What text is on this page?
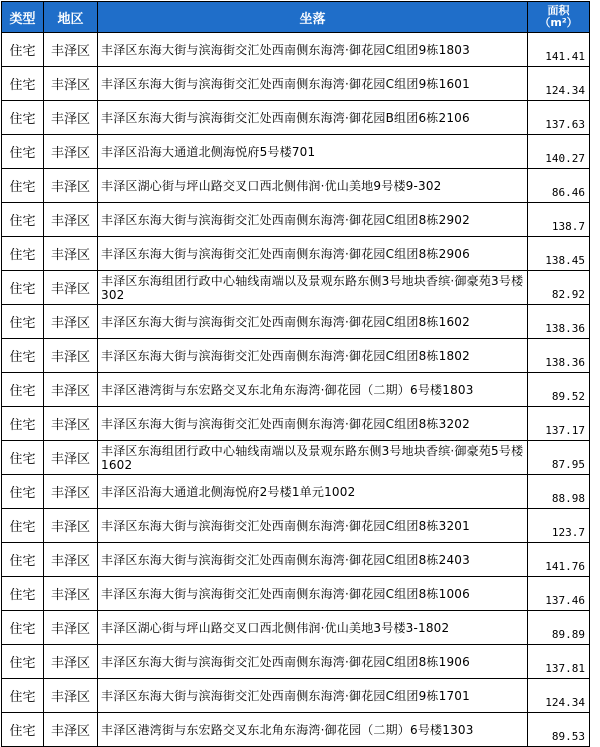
类型	地区	坐落	面积
（m²）

住宅	丰泽区	丰泽区东海大街与滨海街交汇处西南侧东海湾·御花园C组团9栋1803	141.41
住宅	丰泽区	丰泽区东海大街与滨海街交汇处西南侧东海湾·御花园C组团9栋1601	124.34
住宅	丰泽区	丰泽区东海大街与滨海街交汇处西南侧东海湾·御花园B组团6栋2106	137.63
住宅	丰泽区	丰泽区沿海大通道北侧海悦府5号楼701	140.27
住宅	丰泽区	丰泽区湖心街与坪山路交叉口西北侧伟润·优山美地9号楼9-302	86.46
住宅	丰泽区	丰泽区东海大街与滨海街交汇处西南侧东海湾·御花园C组团8栋2902	138.7
住宅	丰泽区	丰泽区东海大街与滨海街交汇处西南侧东海湾·御花园C组团8栋2906	138.45
住宅	丰泽区	丰泽区东海组团行政中心轴线南端以及景观东路东侧3号地块香缤·御豪苑3号楼302	82.92
住宅	丰泽区	丰泽区东海大街与滨海街交汇处西南侧东海湾·御花园C组团8栋1602	138.36
住宅	丰泽区	丰泽区东海大街与滨海街交汇处西南侧东海湾·御花园C组团8栋1802	138.36
住宅	丰泽区	丰泽区港湾街与东宏路交叉东北角东海湾·御花园（二期）6号楼1803	89.52
住宅	丰泽区	丰泽区东海大街与滨海街交汇处西南侧东海湾·御花园C组团8栋3202	137.17
住宅	丰泽区	丰泽区东海组团行政中心轴线南端以及景观东路东侧3号地块香缤·御豪苑5号楼1602	87.95
住宅	丰泽区	丰泽区沿海大通道北侧海悦府2号楼1单元1002	88.98
住宅	丰泽区	丰泽区东海大街与滨海街交汇处西南侧东海湾·御花园C组团8栋3201	123.7
住宅	丰泽区	丰泽区东海大街与滨海街交汇处西南侧东海湾·御花园C组团8栋2403	141.76
住宅	丰泽区	丰泽区东海大街与滨海街交汇处西南侧东海湾·御花园C组团8栋1006	137.46
住宅	丰泽区	丰泽区湖心街与坪山路交叉口西北侧伟润·优山美地3号楼3-1802	89.89
住宅	丰泽区	丰泽区东海大街与滨海街交汇处西南侧东海湾·御花园C组团8栋1906	137.81
住宅	丰泽区	丰泽区东海大街与滨海街交汇处西南侧东海湾·御花园C组团9栋1701	124.34
住宅	丰泽区	丰泽区港湾街与东宏路交叉东北角东海湾·御花园（二期）6号楼1303	89.53
